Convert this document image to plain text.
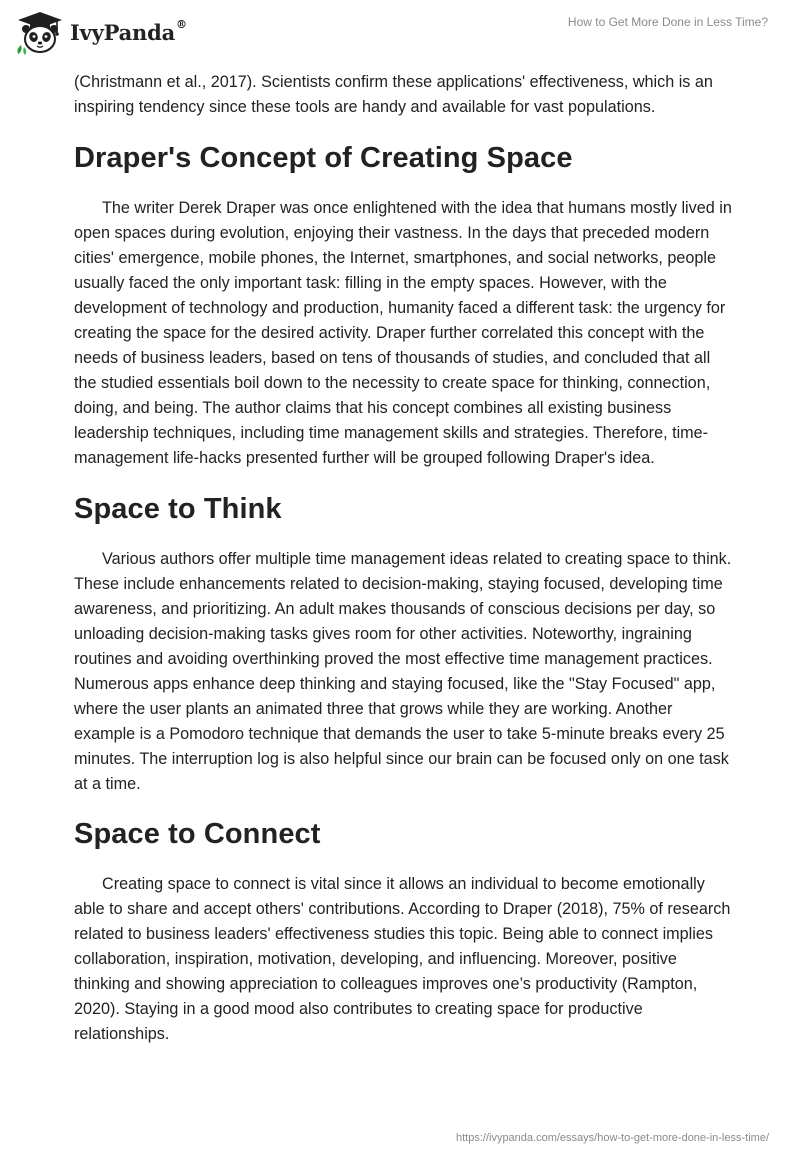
IvyPanda®	How to Get More Done in Less Time?

(Christmann et al., 2017). Scientists confirm these applications' effectiveness, which is an inspiring tendency since these tools are handy and available for vast populations.

Draper's Concept of Creating Space

The writer Derek Draper was once enlightened with the idea that humans mostly lived in open spaces during evolution, enjoying their vastness. In the days that preceded modern cities' emergence, mobile phones, the Internet, smartphones, and social networks, people usually faced the only important task: filling in the empty spaces. However, with the development of technology and production, humanity faced a different task: the urgency for creating the space for the desired activity. Draper further correlated this concept with the needs of business leaders, based on tens of thousands of studies, and concluded that all the studied essentials boil down to the necessity to create space for thinking, connection, doing, and being. The author claims that his concept combines all existing business leadership techniques, including time management skills and strategies. Therefore, time-management life-hacks presented further will be grouped following Draper's idea.

Space to Think

Various authors offer multiple time management ideas related to creating space to think. These include enhancements related to decision-making, staying focused, developing time awareness, and prioritizing. An adult makes thousands of conscious decisions per day, so unloading decision-making tasks gives room for other activities. Noteworthy, ingraining routines and avoiding overthinking proved the most effective time management practices. Numerous apps enhance deep thinking and staying focused, like the "Stay Focused" app, where the user plants an animated three that grows while they are working. Another example is a Pomodoro technique that demands the user to take 5-minute breaks every 25 minutes. The interruption log is also helpful since our brain can be focused only on one task at a time.

Space to Connect

Creating space to connect is vital since it allows an individual to become emotionally able to share and accept others' contributions. According to Draper (2018), 75% of research related to business leaders' effectiveness studies this topic. Being able to connect implies collaboration, inspiration, motivation, developing, and influencing. Moreover, positive thinking and showing appreciation to colleagues improves one’s productivity (Rampton, 2020). Staying in a good mood also contributes to creating space for productive relationships.

https://ivypanda.com/essays/how-to-get-more-done-in-less-time/
